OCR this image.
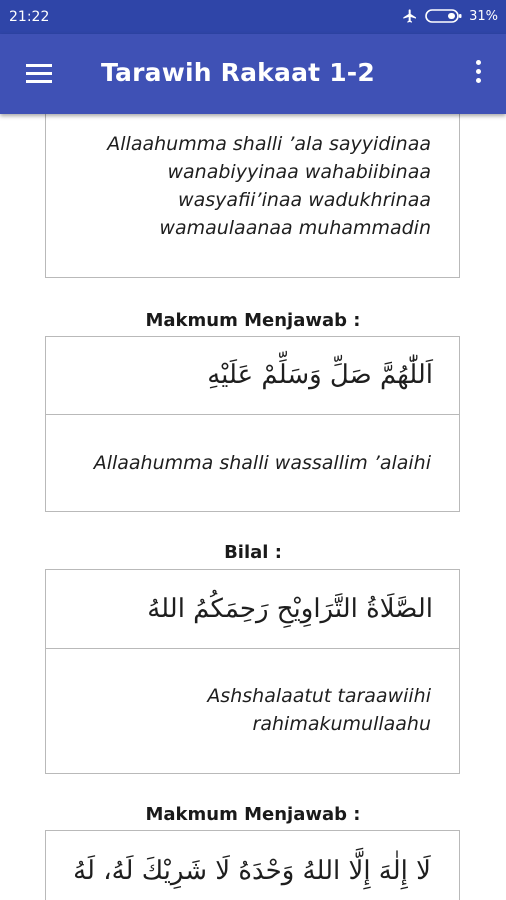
21:22	31%
Tarawih Rakaat 1-2
Allaahumma shalli ’ala sayyidinaa
wanabiyyinaa wahabiibinaa
wasyafii’inaa wadukhrinaa
wamaulaanaa muhammadin
Makmum Menjawab :
اَللّٰهُمَّ صَلِّ وَسَلِّمْ عَلَيْهِ
Allaahumma shalli wassallim ’alaihi
Bilal :
الصَّلَاةُ التَّرَاوِيْحِ رَحِمَكُمُ اللهُ
Ashshalaatut taraawiihi
rahimakumullaahu
Makmum Menjawab :
لَا إِلٰهَ إِلَّا اللهُ وَحْدَهُ لَا شَرِيْكَ لَهُ، لَهُ
